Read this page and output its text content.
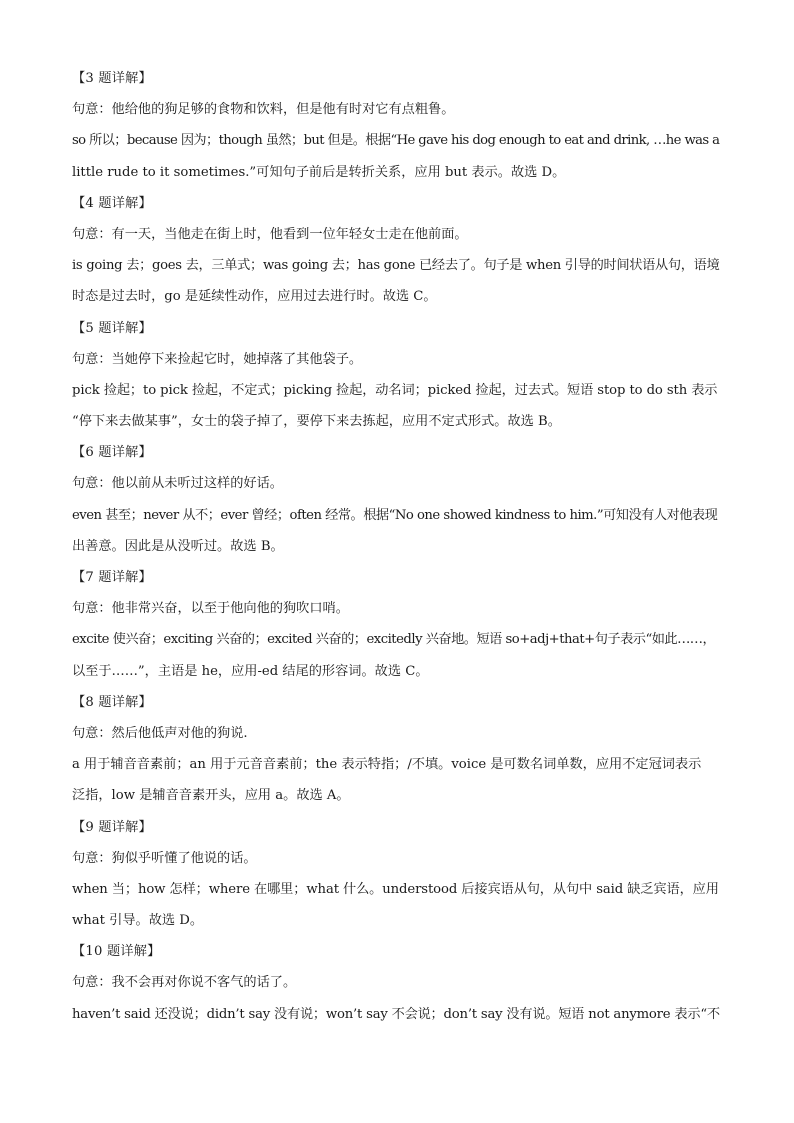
【3 题详解】
句意：他给他的狗足够的食物和饮料，但是他有时对它有点粗鲁。
so 所以；because 因为；though 虽然；but 但是。根据“He gave his dog enough to eat and drink, …he was a
little rude to it sometimes.”可知句子前后是转折关系，应用 but 表示。故选 D。
【4 题详解】
句意：有一天，当他走在街上时，他看到一位年轻女士走在他前面。
is going 去；goes 去，三单式；was going 去；has gone 已经去了。句子是 when 引导的时间状语从句，语境
时态是过去时，go 是延续性动作，应用过去进行时。故选 C。
【5 题详解】
句意：当她停下来捡起它时，她掉落了其他袋子。
pick 捡起；to pick 捡起，不定式；picking 捡起，动名词；picked 捡起，过去式。短语 stop to do sth 表示
“停下来去做某事”，女士的袋子掉了，要停下来去拣起，应用不定式形式。故选 B。
【6 题详解】
句意：他以前从未听过这样的好话。
even 甚至；never 从不；ever 曾经；often 经常。根据“No one showed kindness to him.”可知没有人对他表现
出善意。因此是从没听过。故选 B。
【7 题详解】
句意：他非常兴奋，以至于他向他的狗吹口哨。
excite 使兴奋；exciting 兴奋的；excited 兴奋的；excitedly 兴奋地。短语 so+adj+that+句子表示“如此……，
以至于……”，主语是 he，应用-ed 结尾的形容词。故选 C。
【8 题详解】
句意：然后他低声对他的狗说.
a 用于辅音音素前；an 用于元音音素前；the 表示特指；/不填。voice 是可数名词单数，应用不定冠词表示
泛指，low 是辅音音素开头，应用 a。故选 A。
【9 题详解】
句意：狗似乎听懂了他说的话。
when 当；how 怎样；where 在哪里；what 什么。understood 后接宾语从句，从句中 said 缺乏宾语，应用
what 引导。故选 D。
【10 题详解】
句意：我不会再对你说不客气的话了。
haven’t said 还没说；didn’t say 没有说；won’t say 不会说；don’t say 没有说。短语 not anymore 表示“不
